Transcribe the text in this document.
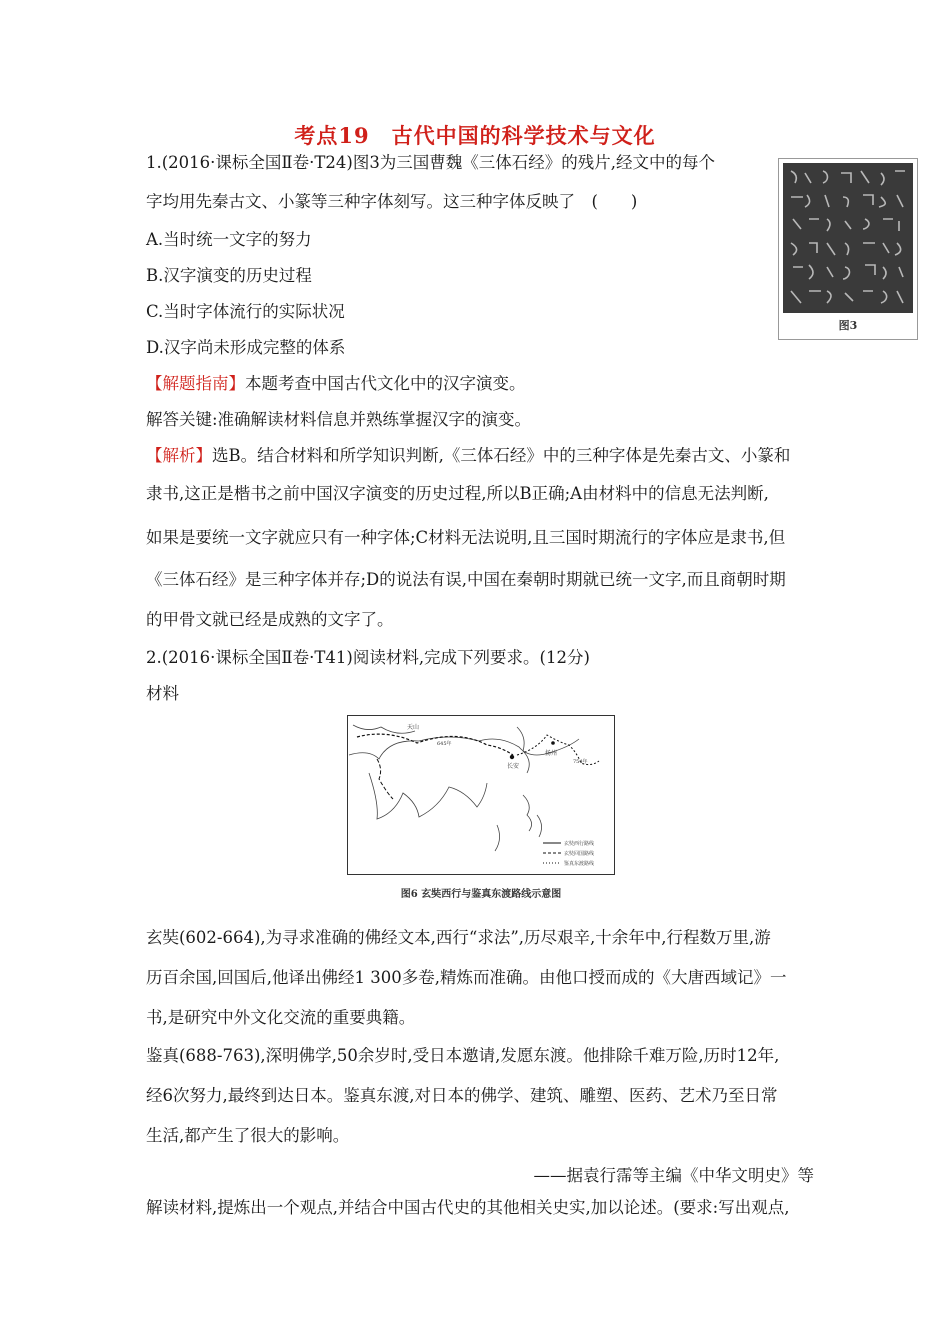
考点19 古代中国的科学技术与文化
1.(2016·课标全国Ⅱ卷·T24)图3为三国曹魏《三体石经》的残片,经文中的每个
字均用先秦古文、小篆等三种字体刻写。这三种字体反映了　(　　)
A.当时统一文字的努力
B.汉字演变的历史过程
C.当时字体流行的实际状况
D.汉字尚未形成完整的体系
【解题指南】本题考查中国古代文化中的汉字演变。
解答关键:准确解读材料信息并熟练掌握汉字的演变。
【解析】选B。结合材料和所学知识判断,《三体石经》中的三种字体是先秦古文、小篆和
隶书,这正是楷书之前中国汉字演变的历史过程,所以B正确;A由材料中的信息无法判断,
如果是要统一文字就应只有一种字体;C材料无法说明,且三国时期流行的字体应是隶书,但
《三体石经》是三种字体并存;D的说法有误,中国在秦朝时期就已统一文字,而且商朝时期
的甲骨文就已经是成熟的文字了。
图3
2.(2016·课标全国Ⅱ卷·T41)阅读材料,完成下列要求。(12分)
材料
天山
长安
扬州
645年
754年
玄奘西行路线
玄奘回国路线
鉴真东渡路线
图6 玄奘西行与鉴真东渡路线示意图
玄奘(602-664),为寻求准确的佛经文本,西行“求法”,历尽艰辛,十余年中,行程数万里,游
历百余国,回国后,他译出佛经1 300多卷,精炼而准确。由他口授而成的《大唐西域记》一
书,是研究中外文化交流的重要典籍。
鉴真(688-763),深明佛学,50余岁时,受日本邀请,发愿东渡。他排除千难万险,历时12年,
经6次努力,最终到达日本。鉴真东渡,对日本的佛学、建筑、雕塑、医药、艺术乃至日常
生活,都产生了很大的影响。
——据袁行霈等主编《中华文明史》等
解读材料,提炼出一个观点,并结合中国古代史的其他相关史实,加以论述。(要求:写出观点,
